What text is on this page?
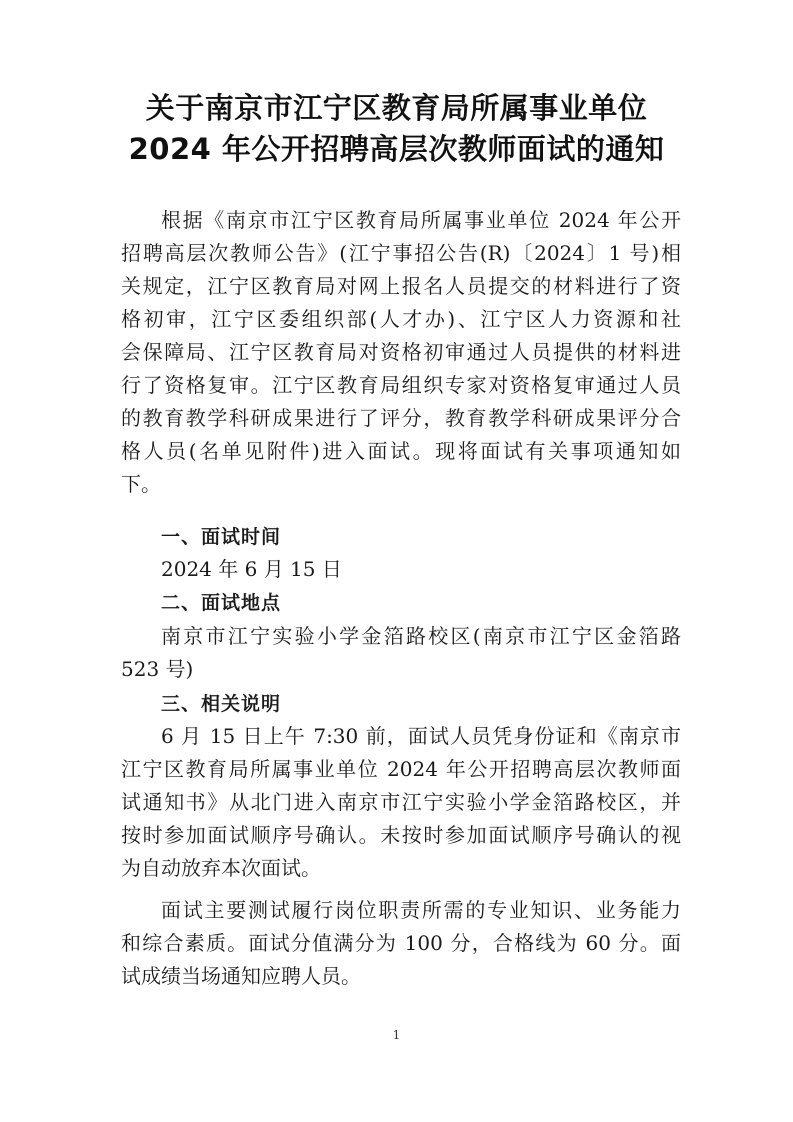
关于南京市江宁区教育局所属事业单位
2024 年公开招聘高层次教师面试的通知
根据《南京市江宁区教育局所属事业单位 2024 年公开
招聘高层次教师公告》(江宁事招公告(R)〔2024〕1 号)相
关规定，江宁区教育局对网上报名人员提交的材料进行了资
格初审，江宁区委组织部(人才办)、江宁区人力资源和社
会保障局、江宁区教育局对资格初审通过人员提供的材料进
行了资格复审。江宁区教育局组织专家对资格复审通过人员
的教育教学科研成果进行了评分，教育教学科研成果评分合
格人员(名单见附件)进入面试。现将面试有关事项通知如
下。
一、面试时间
2024 年 6 月 15 日
二、面试地点
南京市江宁实验小学金箔路校区(南京市江宁区金箔路
523 号)
三、相关说明
6 月 15 日上午 7:30 前，面试人员凭身份证和《南京市
江宁区教育局所属事业单位 2024 年公开招聘高层次教师面
试通知书》从北门进入南京市江宁实验小学金箔路校区，并
按时参加面试顺序号确认。未按时参加面试顺序号确认的视
为自动放弃本次面试。
面试主要测试履行岗位职责所需的专业知识、业务能力
和综合素质。面试分值满分为 100 分，合格线为 60 分。面
试成绩当场通知应聘人员。
1
